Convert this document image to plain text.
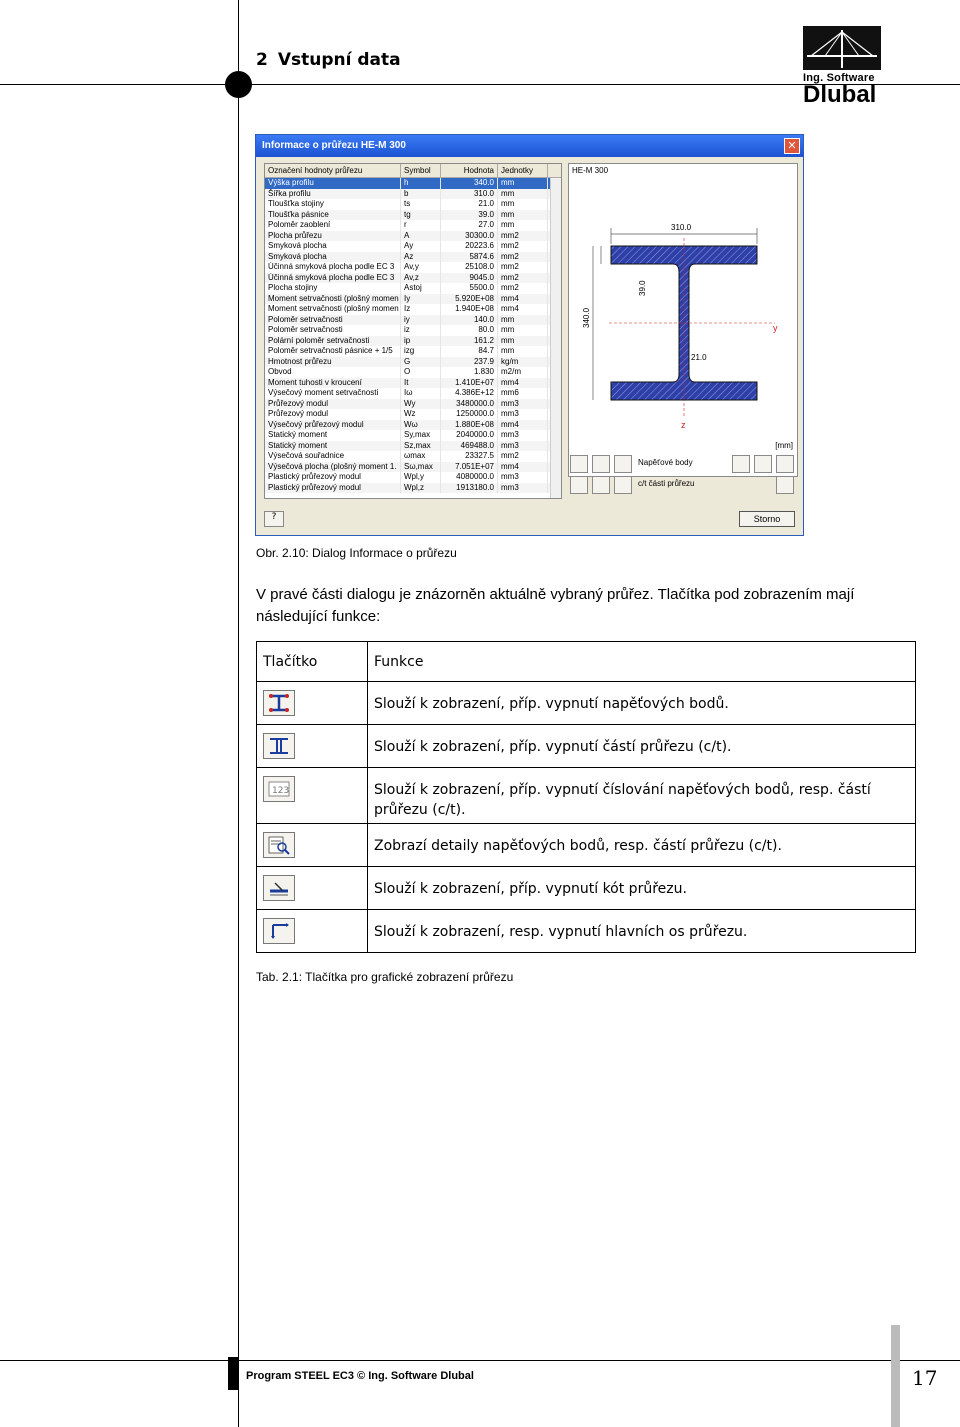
2 Vstupní data
Ing. Software
Dlubal
Informace o průřezu HE-M 300	✕
Označení hodnoty průřezu	Symbol	Hodnota Jednotky
Výška profilu	h	340.0 mm
Šířka profilu	b	310.0 mm
Tloušťka stojiny	ts	21.0 mm
Tloušťka pásnice	tg	39.0 mm
Poloměr zaoblení	r	27.0 mm
Plocha průřezu	A	30300.0 mm2
Smyková plocha	Ay	20223.6 mm2
Smyková plocha	Az	5874.6 mm2
Účinná smyková plocha podle EC 3	Av,y	25108.0 mm2
Účinná smyková plocha podle EC 3	Av,z	9045.0 mm2
Plocha stojiny	Astoj	5500.0 mm2
Moment setrvačnosti (plošný momen Iy	5.920E+08 mm4
Moment setrvačnosti (plošný momen Iz	1.940E+08 mm4
Poloměr setrvačnosti	iy	140.0 mm
Poloměr setrvačnosti	iz	80.0 mm
Polární poloměr setrvačnosti	ip	161.2 mm
Poloměr setrvačnosti pásnice + 1/5	izg	84.7 mm
Hmotnost průřezu	G	237.9 kg/m
Obvod	O	1.830 m2/m
Moment tuhosti v kroucení	It	1.410E+07 mm4
Výsečový moment setrvačnosti	Iω	4.386E+12 mm6
Průřezový modul	Wy	3480000.0 mm3
Průřezový modul	Wz	1250000.0 mm3
Výsečový průřezový modul	Wω	1.880E+08 mm4
Statický moment	Sy,max	2040000.0 mm3
Statický moment	Sz,max	469488.0 mm3
Výsečová souřadnice	ωmax	23327.5 mm2
Výsečová plocha (plošný moment 1. Sω,max	7.051E+07 mm4
Plastický průřezový modul	Wpl,y	4080000.0 mm3
Plastický průřezový modul	Wpl,z	1913180.0 mm3
HE-M 300
310.0
340.0
39.0
21.0
y
z
[mm]
Napěťové body
c/t části průřezu
?	Storno
Obr. 2.10: Dialog Informace o průřezu
V pravé části dialogu je znázorněn aktuálně vybraný průřez. Tlačítka pod zobrazením mají následující funkce:
Tlačítko	Funkce

	Slouží k zobrazení, příp. vypnutí napěťových bodů.

	Slouží k zobrazení, příp. vypnutí částí průřezu (c/t).

123	Slouží k zobrazení, příp. vypnutí číslování napěťových bodů, resp. částí průřezu (c/t).

	Zobrazí detaily napěťových bodů, resp. částí průřezu (c/t).

	Slouží k zobrazení, příp. vypnutí kót průřezu.

	Slouží k zobrazení, resp. vypnutí hlavních os průřezu.
Tab. 2.1: Tlačítka pro grafické zobrazení průřezu
Program STEEL EC3 © Ing. Software Dlubal	17
